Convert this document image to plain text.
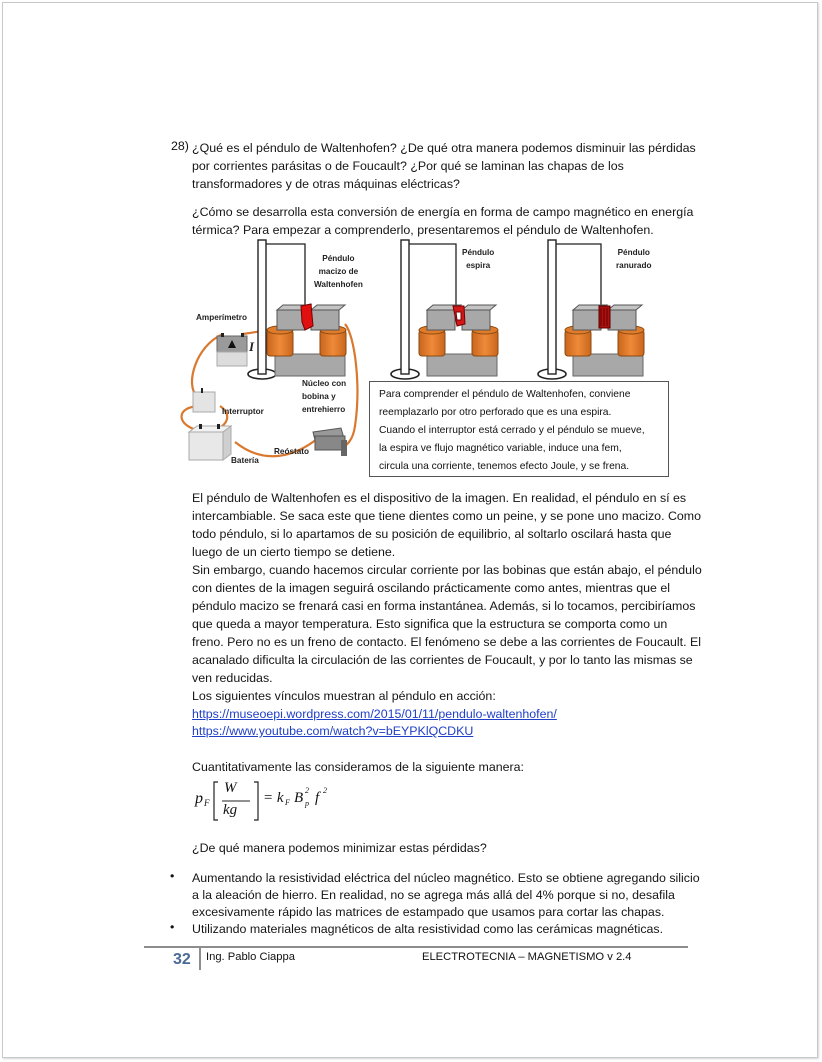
28) ¿Qué es el péndulo de Waltenhofen? ¿De qué otra manera podemos disminuir las pérdidas
por corrientes parásitas o de Foucault? ¿Por qué se laminan las chapas de los
transformadores y de otras máquinas eléctricas?
¿Cómo se desarrolla esta conversión de energía en forma de campo magnético en energía
térmica? Para empezar a comprenderlo, presentaremos el péndulo de Waltenhofen.
Péndulo
macizo de
Waltenhofen
Péndulo
espira
Péndulo
ranurado
Amperímetro
I
Núcleo con
bobina y
entrehierro
Interruptor
Reóstato
Batería
Para comprender el péndulo de Waltenhofen, conviene
reemplazarlo por otro perforado que es una espira.
Cuando el interruptor está cerrado y el péndulo se mueve,
la espira ve flujo magnético variable, induce una fem,
circula una corriente, tenemos efecto Joule, y se frena.
El péndulo de Waltenhofen es el dispositivo de la imagen. En realidad, el péndulo en sí es
intercambiable. Se saca este que tiene dientes como un peine, y se pone uno macizo. Como
todo péndulo, si lo apartamos de su posición de equilibrio, al soltarlo oscilará hasta que
luego de un cierto tiempo se detiene.
Sin embargo, cuando hacemos circular corriente por las bobinas que están abajo, el péndulo
con dientes de la imagen seguirá oscilando prácticamente como antes, mientras que el
péndulo macizo se frenará casi en forma instantánea. Además, si lo tocamos, percibiríamos
que queda a mayor temperatura. Esto significa que la estructura se comporta como un
freno. Pero no es un freno de contacto. El fenómeno se debe a las corrientes de Foucault. El
acanalado dificulta la circulación de las corrientes de Foucault, y por lo tanto las mismas se
ven reducidas.
Los siguientes vínculos muestran al péndulo en acción:
https://museoepi.wordpress.com/2015/01/11/pendulo-waltenhofen/
https://www.youtube.com/watch?v=bEYPKlQCDKU
Cuantitativamente las consideramos de la siguiente manera:
p F
W
kg
= k F B 2
p f 2
¿De qué manera podemos minimizar estas pérdidas?
• Aumentando la resistividad eléctrica del núcleo magnético. Esto se obtiene agregando silicio
a la aleación de hierro. En realidad, no se agrega más allá del 4% porque si no, desafila
excesivamente rápido las matrices de estampado que usamos para cortar las chapas.
• Utilizando materiales magnéticos de alta resistividad como las cerámicas magnéticas.
32 Ing. Pablo Ciappa	ELECTROTECNIA – MAGNETISMO v 2.4
